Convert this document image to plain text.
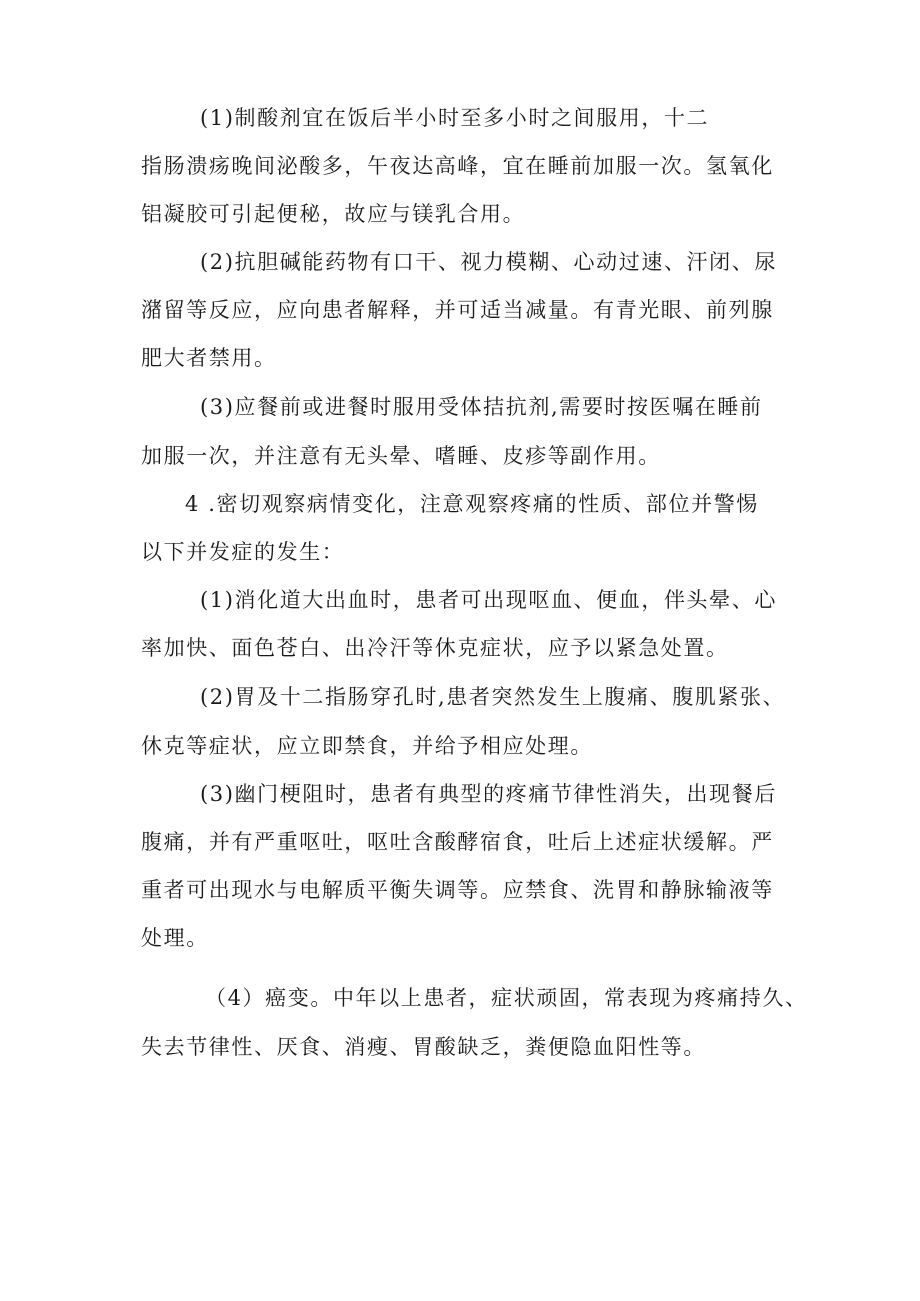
(1)制酸剂宜在饭后半小时至多小时之间服用，十二

指肠溃疡晚间泌酸多，午夜达高峰，宜在睡前加服一次。氢氧化

铝凝胶可引起便秘，故应与镁乳合用。

(2)抗胆碱能药物有口干、视力模糊、心动过速、汗闭、尿

潴留等反应，应向患者解释，并可适当减量。有青光眼、前列腺

肥大者禁用。

(3)应餐前或进餐时服用受体拮抗剂,需要时按医嘱在睡前

加服一次，并注意有无头晕、嗜睡、皮疹等副作用。

4 .密切观察病情变化，注意观察疼痛的性质、部位并警惕

以下并发症的发生：

(1)消化道大出血时，患者可出现呕血、便血，伴头晕、心

率加快、面色苍白、出冷汗等休克症状，应予以紧急处置。

(2)胃及十二指肠穿孔时,患者突然发生上腹痛、腹肌紧张、

休克等症状，应立即禁食，并给予相应处理。

(3)幽门梗阻时，患者有典型的疼痛节律性消失，出现餐后

腹痛，并有严重呕吐，呕吐含酸酵宿食，吐后上述症状缓解。严

重者可出现水与电解质平衡失调等。应禁食、洗胃和静脉输液等

处理。

（4）癌变。中年以上患者，症状顽固，常表现为疼痛持久、

失去节律性、厌食、消瘦、胃酸缺乏，粪便隐血阳性等。
